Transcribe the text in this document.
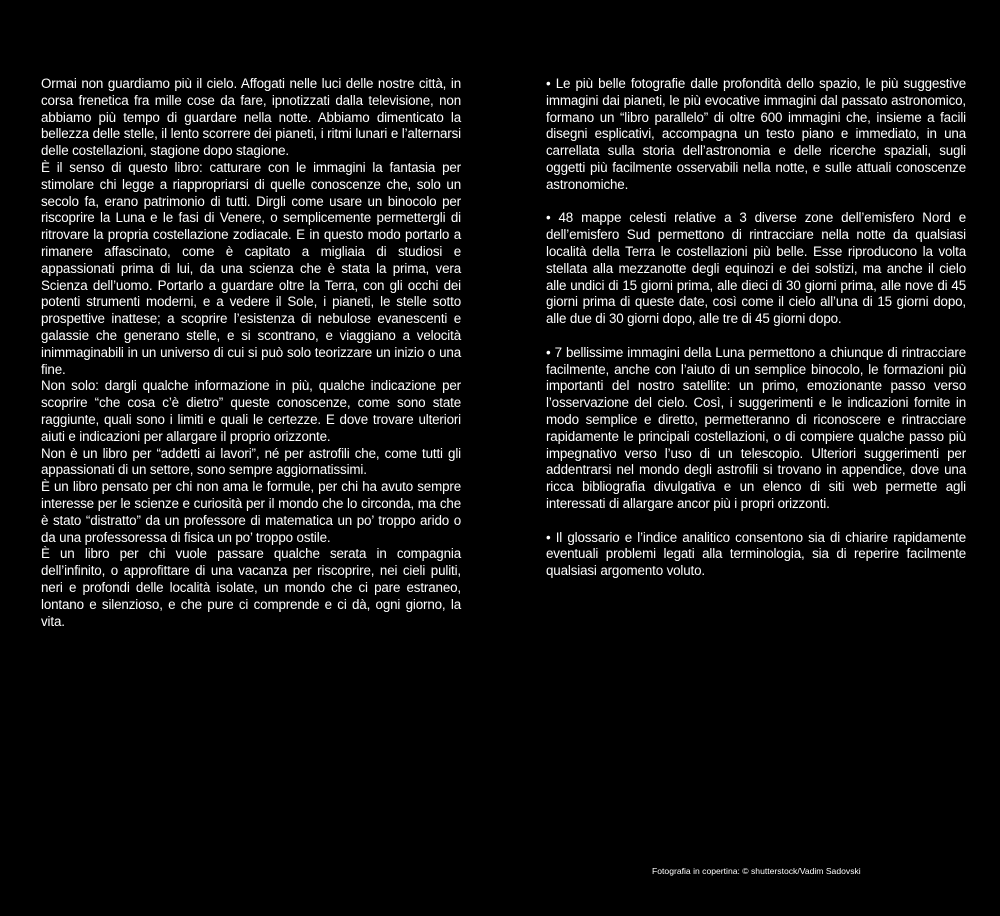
Ormai non guardiamo più il cielo. Affogati nelle luci delle nostre città, in corsa frenetica fra mille cose da fare, ipnotizzati dalla televisione, non abbiamo più tempo di guardare nella notte. Abbiamo dimenticato la bellezza delle stelle, il lento scorrere dei pianeti, i ritmi lunari e l’alternarsi delle costellazioni, stagione dopo stagione.

È il senso di questo libro: catturare con le immagini la fantasia per stimolare chi legge a riappropriarsi di quelle conoscenze che, solo un secolo fa, erano patrimonio di tutti. Dirgli come usare un binocolo per riscoprire la Luna e le fasi di Venere, o semplicemente permettergli di ritrovare la propria costellazione zodiacale. E in questo modo portarlo a rimanere affascinato, come è capitato a migliaia di studiosi e appassionati prima di lui, da una scienza che è stata la prima, vera Scienza dell’uomo. Portarlo a guardare oltre la Terra, con gli occhi dei potenti strumenti moderni, e a vedere il Sole, i pianeti, le stelle sotto prospettive inattese; a scoprire l’esistenza di nebulose evanescenti e galassie che generano stelle, e si scontrano, e viaggiano a velocità inimmaginabili in un universo di cui si può solo teorizzare un inizio o una fine.

Non solo: dargli qualche informazione in più, qualche indicazione per scoprire “che cosa c’è dietro” queste conoscenze, come sono state raggiunte, quali sono i limiti e quali le certezze. E dove trovare ulteriori aiuti e indicazioni per allargare il proprio orizzonte.

Non è un libro per “addetti ai lavori”, né per astrofili che, come tutti gli appassionati di un settore, sono sempre aggiornatissimi.

È un libro pensato per chi non ama le formule, per chi ha avuto sempre interesse per le scienze e curiosità per il mondo che lo circonda, ma che è stato “distratto” da un professore di matematica un po’ troppo arido o da una professoressa di fisica un po’ troppo ostile.

È un libro per chi vuole passare qualche serata in compagnia dell’infinito, o approfittare di una vacanza per riscoprire, nei cieli puliti, neri e profondi delle località isolate, un mondo che ci pare estraneo, lontano e silenzioso, e che pure ci comprende e ci dà, ogni giorno, la vita.

• Le più belle fotografie dalle profondità dello spazio, le più suggestive immagini dai pianeti, le più evocative immagini dal passato astronomico, formano un “libro parallelo” di oltre 600 immagini che, insieme a facili disegni esplicativi, accompagna un testo piano e immediato, in una carrellata sulla storia dell’astronomia e delle ricerche spaziali, sugli oggetti più facilmente osservabili nella notte, e sulle attuali conoscenze astronomiche.

• 48 mappe celesti relative a 3 diverse zone dell’emisfero Nord e dell’emisfero Sud permettono di rintracciare nella notte da qualsiasi località della Terra le costellazioni più belle. Esse riproducono la volta stellata alla mezzanotte degli equinozi e dei solstizi, ma anche il cielo alle undici di 15 giorni prima, alle dieci di 30 giorni prima, alle nove di 45 giorni prima di queste date, così come il cielo all’una di 15 giorni dopo, alle due di 30 giorni dopo, alle tre di 45 giorni dopo.

• 7 bellissime immagini della Luna permettono a chiunque di rintracciare facilmente, anche con l’aiuto di un semplice binocolo, le formazioni più importanti del nostro satellite: un primo, emozionante passo verso l’osservazione del cielo. Così, i suggerimenti e le indicazioni fornite in modo semplice e diretto, permetteranno di riconoscere e rintracciare rapidamente le principali costellazioni, o di compiere qualche passo più impegnativo verso l’uso di un telescopio. Ulteriori suggerimenti per addentrarsi nel mondo degli astrofili si trovano in appendice, dove una ricca bibliografia divulgativa e un elenco di siti web permette agli interessati di allargare ancor più i propri orizzonti.

• Il glossario e l’indice analitico consentono sia di chiarire rapidamente eventuali problemi legati alla terminologia, sia di reperire facilmente qualsiasi argomento voluto.

Fotografia in copertina: © shutterstock/Vadim Sadovski
